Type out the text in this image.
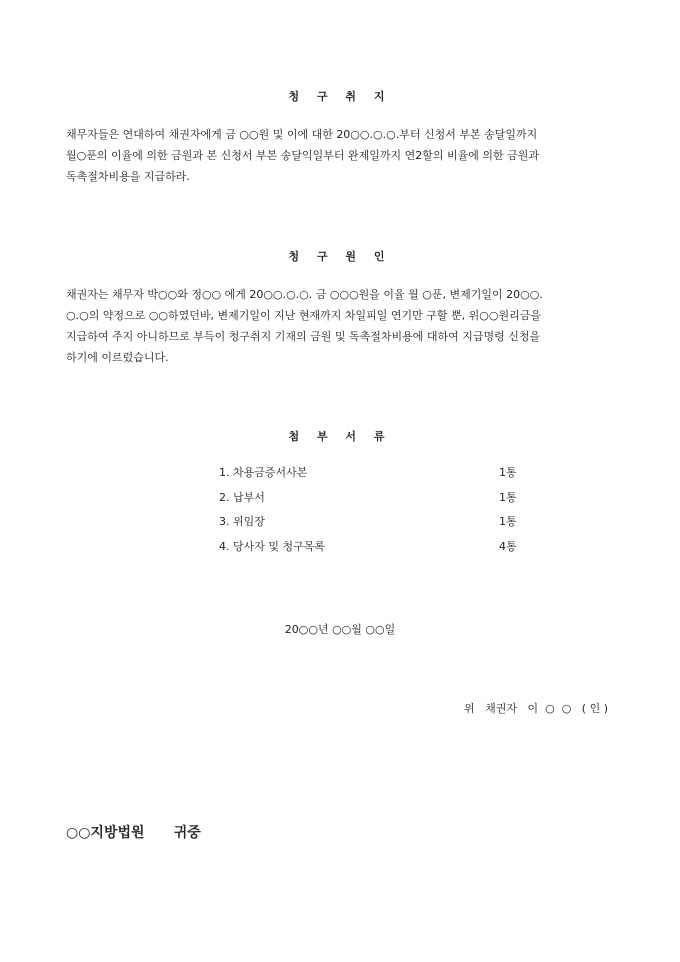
청 구 취 지
채무자들은 연대하여 채권자에게 금 ○○원 및 이에 대한 20○○.○.○.부터 신청서 부본 송달일까지
월○푼의 이율에 의한 금원과 본 신청서 부본 송달익일부터 완제일까지 연2할의 비율에 의한 금원과
독촉절차비용을 지급하라.
청 구 원 인
채권자는 채무자 박○○와 정○○ 에게 20○○.○.○. 금 ○○○원을 이율 월 ○푼, 변제기일이 20○○.
○.○의 약정으로 ○○하였던바, 변제기일이 지난 현재까지 차일피일 연기만 구할 뿐, 위○○원리금을
지급하여 주지 아니하므로 부득이 청구취지 기재의 금원 및 독촉절차비용에 대하여 지급명령 신청을
하기에 이르렀습니다.
첨 부 서 류
1. 차용금증서사본	1통
2. 납부서	1통
3. 위임장	1통
4. 당사자 및 청구목록	4통
20○○년 ○○월 ○○일
위   채권자   이  ○  ○   ( 인 )
○○지방법원      귀중
